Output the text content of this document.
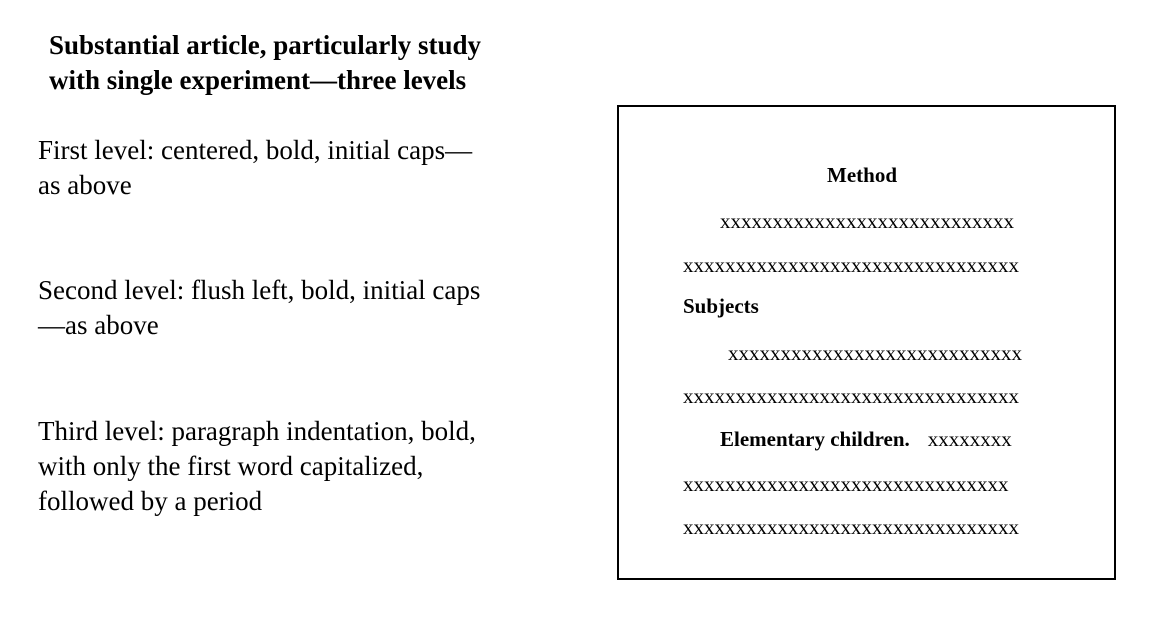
Substantial article, particularly study
with single experiment—three levels

First level: centered, bold, initial caps—
as above

Second level: flush left, bold, initial caps
—as above

Third level: paragraph indentation, bold,
with only the first word capitalized,
followed by a period

Method

xxxxxxxxxxxxxxxxxxxxxxxxxxxx

xxxxxxxxxxxxxxxxxxxxxxxxxxxxxxxx

Subjects

xxxxxxxxxxxxxxxxxxxxxxxxxxxx

xxxxxxxxxxxxxxxxxxxxxxxxxxxxxxxx

Elementary children. xxxxxxxx

xxxxxxxxxxxxxxxxxxxxxxxxxxxxxxx

xxxxxxxxxxxxxxxxxxxxxxxxxxxxxxxx
